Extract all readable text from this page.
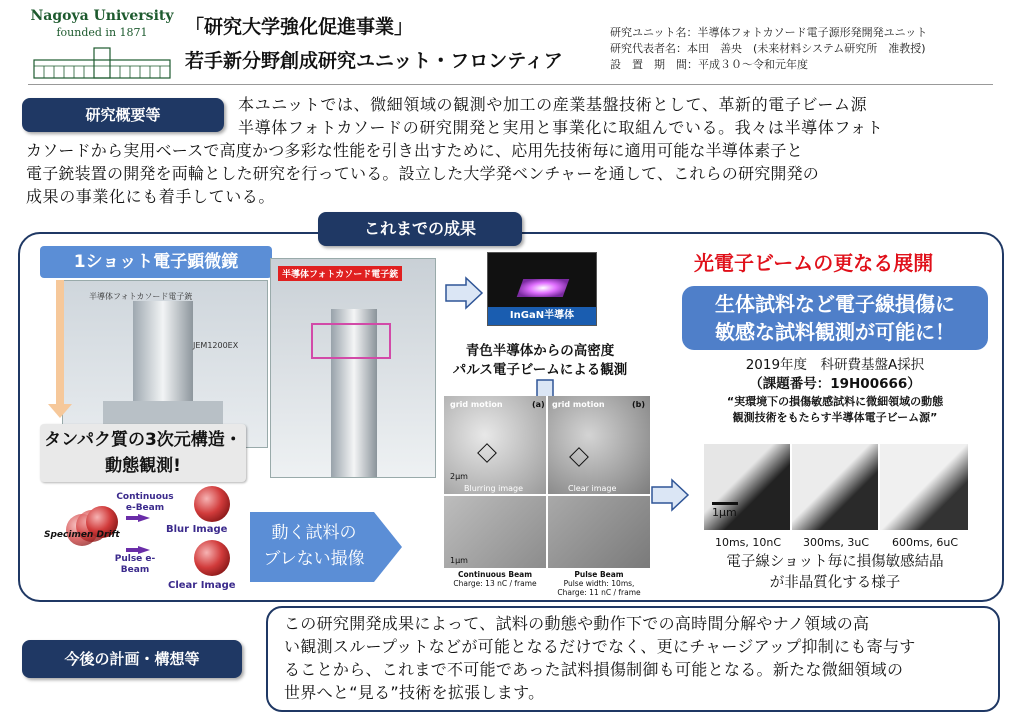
Nagoya University
founded in 1871	「研究大学強化促進事業」
若手新分野創成研究ユニット・フロンティア
研究ユニット名：半導体フォトカソード電子源形発開発ユニット
研究代表者名：本田　善央　(未来材料システム研究所　准教授)
設　置　期　間：平成３０～令和元年度
研究概要等
本ユニットでは、微細領域の観測や加工の産業基盤技術として、革新的電子ビーム源
半導体フォトカソードの研究開発と実用と事業化に取組んでいる。我々は半導体フォト
カソードから実用ベースで高度かつ多彩な性能を引き出すために、応用先技術毎に適用可能な半導体素子と
電子銃装置の開発を両輪とした研究を行っている。設立した大学発ベンチャーを通して、これらの研究開発の
成果の事業化にも着手している。
これまでの成果
1ショット電子顕微鏡
半導体フォトカソード電子銃
JEM1200EX
半導体フォトカソード電子銃
タンパク質の3次元構造・
動態観測!
Continuous e-Beam
Specimen Drift	Blur Image
Pulse e-Beam
Clear Image
動く試料の
ブレない撮像
InGaN半導体
青色半導体からの高密度
パルス電子ビームによる観測
grid motion	grid motion
(a)	(b)
2μm
Blurring image	Clear image
1μm
Continuous Beam
Charge: 13 nC / frame
Pulse Beam
Pulse width: 10ms,
Charge: 11 nC / frame
光電子ビームの更なる展開
生体試料など電子線損傷に
敏感な試料観測が可能に！
2019年度　科研費基盤A採択
（課題番号：19H00666）
“実環境下の損傷敏感試料に微細領域の動態
観測技術をもたらす半導体電子ビーム源”
1μm
10ms, 10nC	300ms, 3uC	600ms, 6uC
電子線ショット毎に損傷敏感結晶
が非晶質化する様子
今後の計画・構想等
この研究開発成果によって、試料の動態や動作下での高時間分解やナノ領域の高
い観測スループットなどが可能となるだけでなく、更にチャージアップ抑制にも寄与す
ることから、これまで不可能であった試料損傷制御も可能となる。新たな微細領域の
世界へと“見る”技術を拡張します。
